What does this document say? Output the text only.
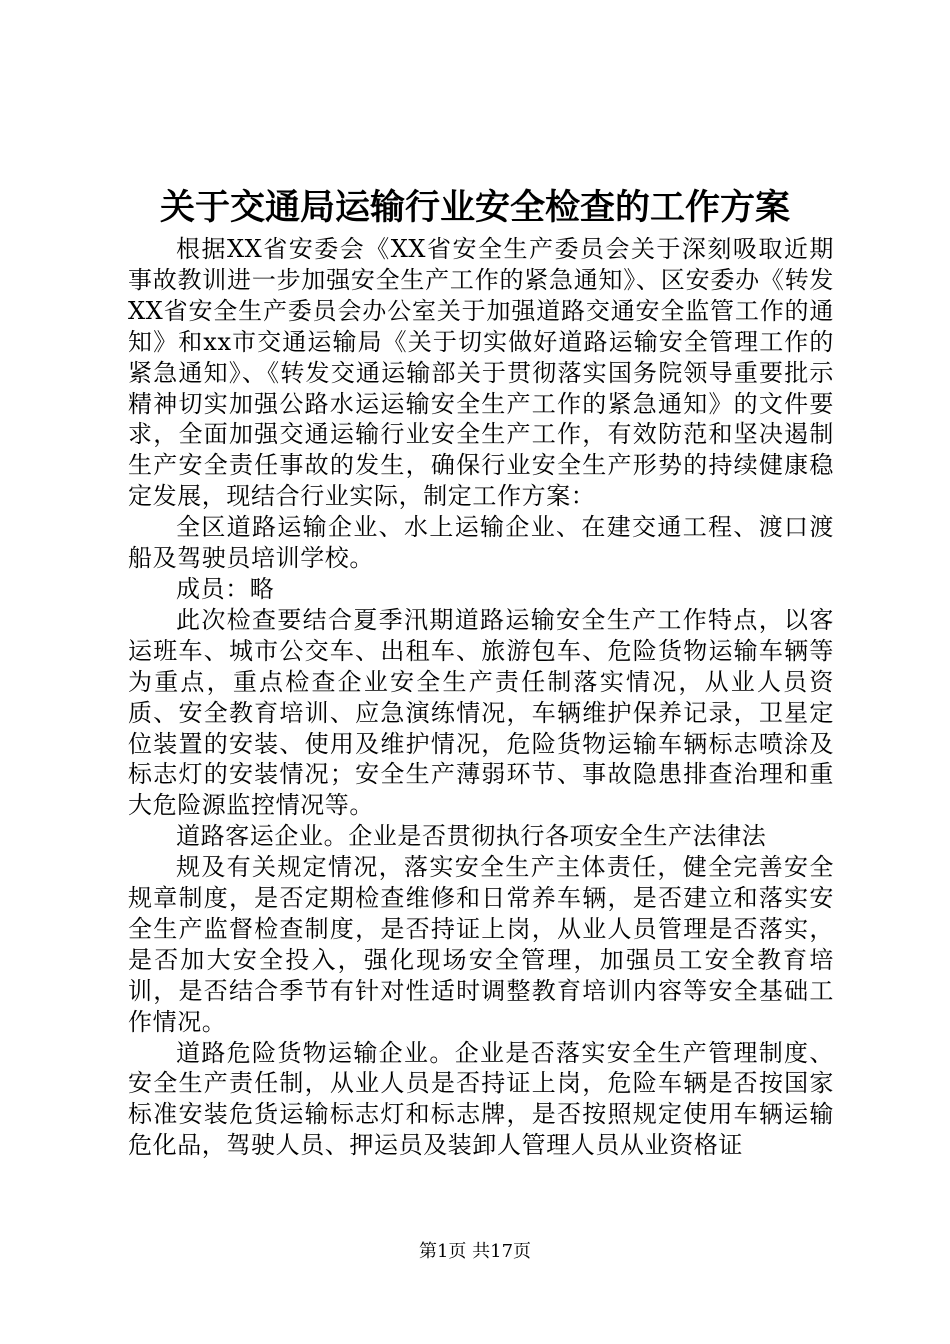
关于交通局运输行业安全检查的工作方案

根据XX省安委会《XX省安全生产委员会关于深刻吸取近期事故教训进一步加强安全生产工作的紧急通知》、区安委办《转发XX省安全生产委员会办公室关于加强道路交通安全监管工作的通知》和xx市交通运输局《关于切实做好道路运输安全管理工作的紧急通知》、《转发交通运输部关于贯彻落实国务院领导重要批示精神切实加强公路水运运输安全生产工作的紧急通知》的文件要求，全面加强交通运输行业安全生产工作，有效防范和坚决遏制生产安全责任事故的发生，确保行业安全生产形势的持续健康稳定发展，现结合行业实际，制定工作方案：

全区道路运输企业、水上运输企业、在建交通工程、渡口渡船及驾驶员培训学校。

成员：略

此次检查要结合夏季汛期道路运输安全生产工作特点，以客运班车、城市公交车、出租车、旅游包车、危险货物运输车辆等为重点，重点检查企业安全生产责任制落实情况，从业人员资质、安全教育培训、应急演练情况，车辆维护保养记录，卫星定位装置的安装、使用及维护情况，危险货物运输车辆标志喷涂及标志灯的安装情况；安全生产薄弱环节、事故隐患排查治理和重大危险源监控情况等。

道路客运企业。企业是否贯彻执行各项安全生产法律法

规及有关规定情况，落实安全生产主体责任，健全完善安全规章制度，是否定期检查维修和日常养车辆，是否建立和落实安全生产监督检查制度，是否持证上岗，从业人员管理是否落实，是否加大安全投入，强化现场安全管理，加强员工安全教育培训，是否结合季节有针对性适时调整教育培训内容等安全基础工作情况。

道路危险货物运输企业。企业是否落实安全生产管理制度、安全生产责任制，从业人员是否持证上岗，危险车辆是否按国家标准安装危货运输标志灯和标志牌，是否按照规定使用车辆运输危化品，驾驶人员、押运员及装卸人管理人员从业资格证

第1页 共17页
